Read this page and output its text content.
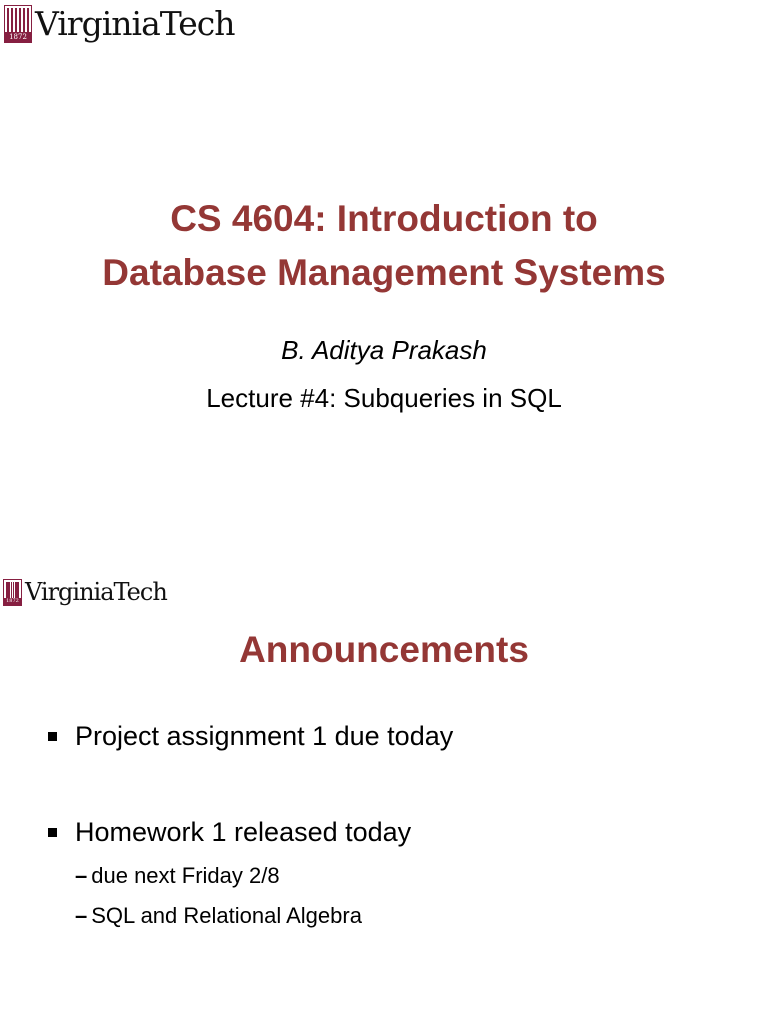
1872 VirginiaTech
CS 4604: Introduction to
Database Management Systems
B. Aditya Prakash
Lecture #4: Subqueries in SQL
1872 VirginiaTech
Announcements
Project assignment 1 due today
Homework 1 released today
– due next Friday 2/8
– SQL and Relational Algebra
